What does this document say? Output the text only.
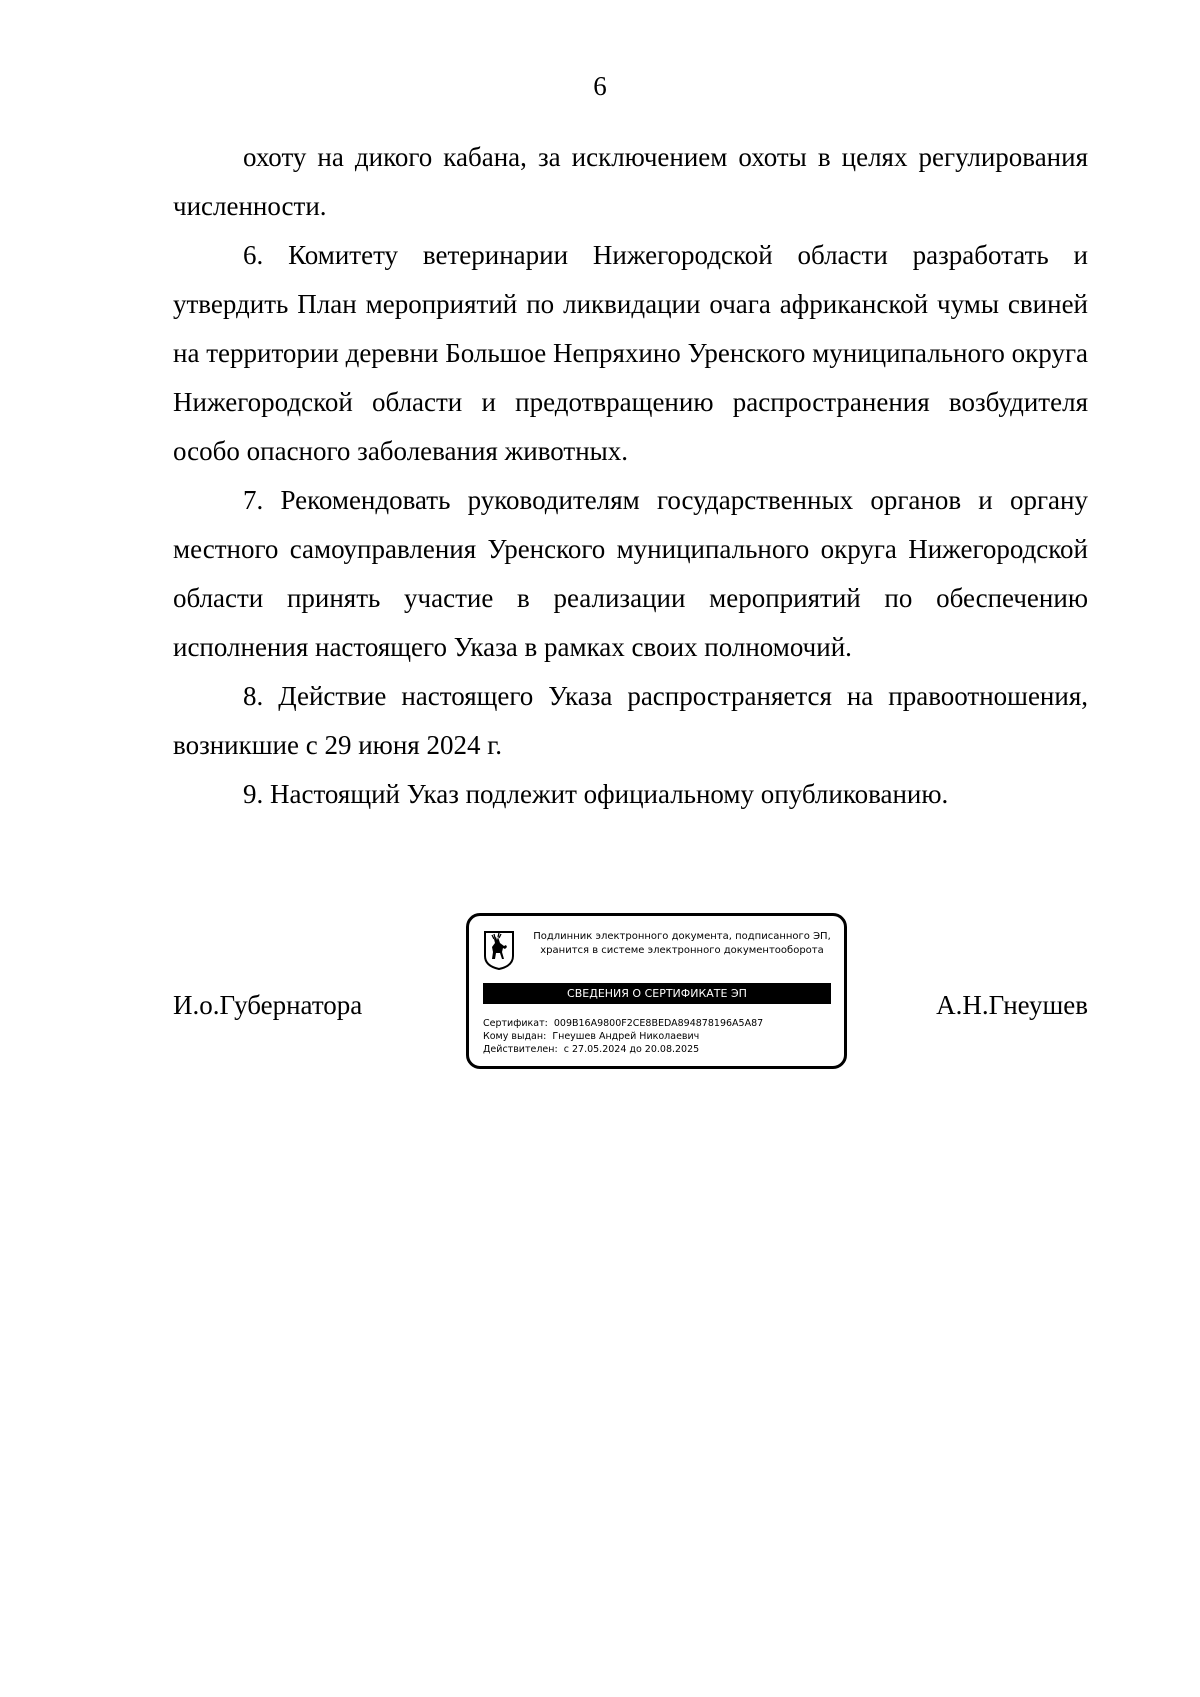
6

охоту на дикого кабана, за исключением охоты в целях регулирования численности.

6. Комитету ветеринарии Нижегородской области разработать и утвердить План мероприятий по ликвидации очага африканской чумы свиней на территории деревни Большое Непряхино Уренского муниципального округа Нижегородской области и предотвращению распространения возбудителя особо опасного заболевания животных.

7. Рекомендовать руководителям государственных органов и органу местного самоуправления Уренского муниципального округа Нижегородской области принять участие в реализации мероприятий по обеспечению исполнения настоящего Указа в рамках своих полномочий.

8. Действие настоящего Указа распространяется на правоотношения, возникшие с 29 июня 2024 г.

9. Настоящий Указ подлежит официальному опубликованию.

И.о.Губернатора	А.Н.Гнеушев
Подлинник электронного документа, подписанного ЭП,
хранится в системе электронного документооборота
СВЕДЕНИЯ О СЕРТИФИКАТЕ ЭП
Сертификат: 009B16A9800F2CE8BEDA894878196A5A87
Кому выдан: Гнеушев Андрей Николаевич
Действителен: с 27.05.2024 до 20.08.2025
